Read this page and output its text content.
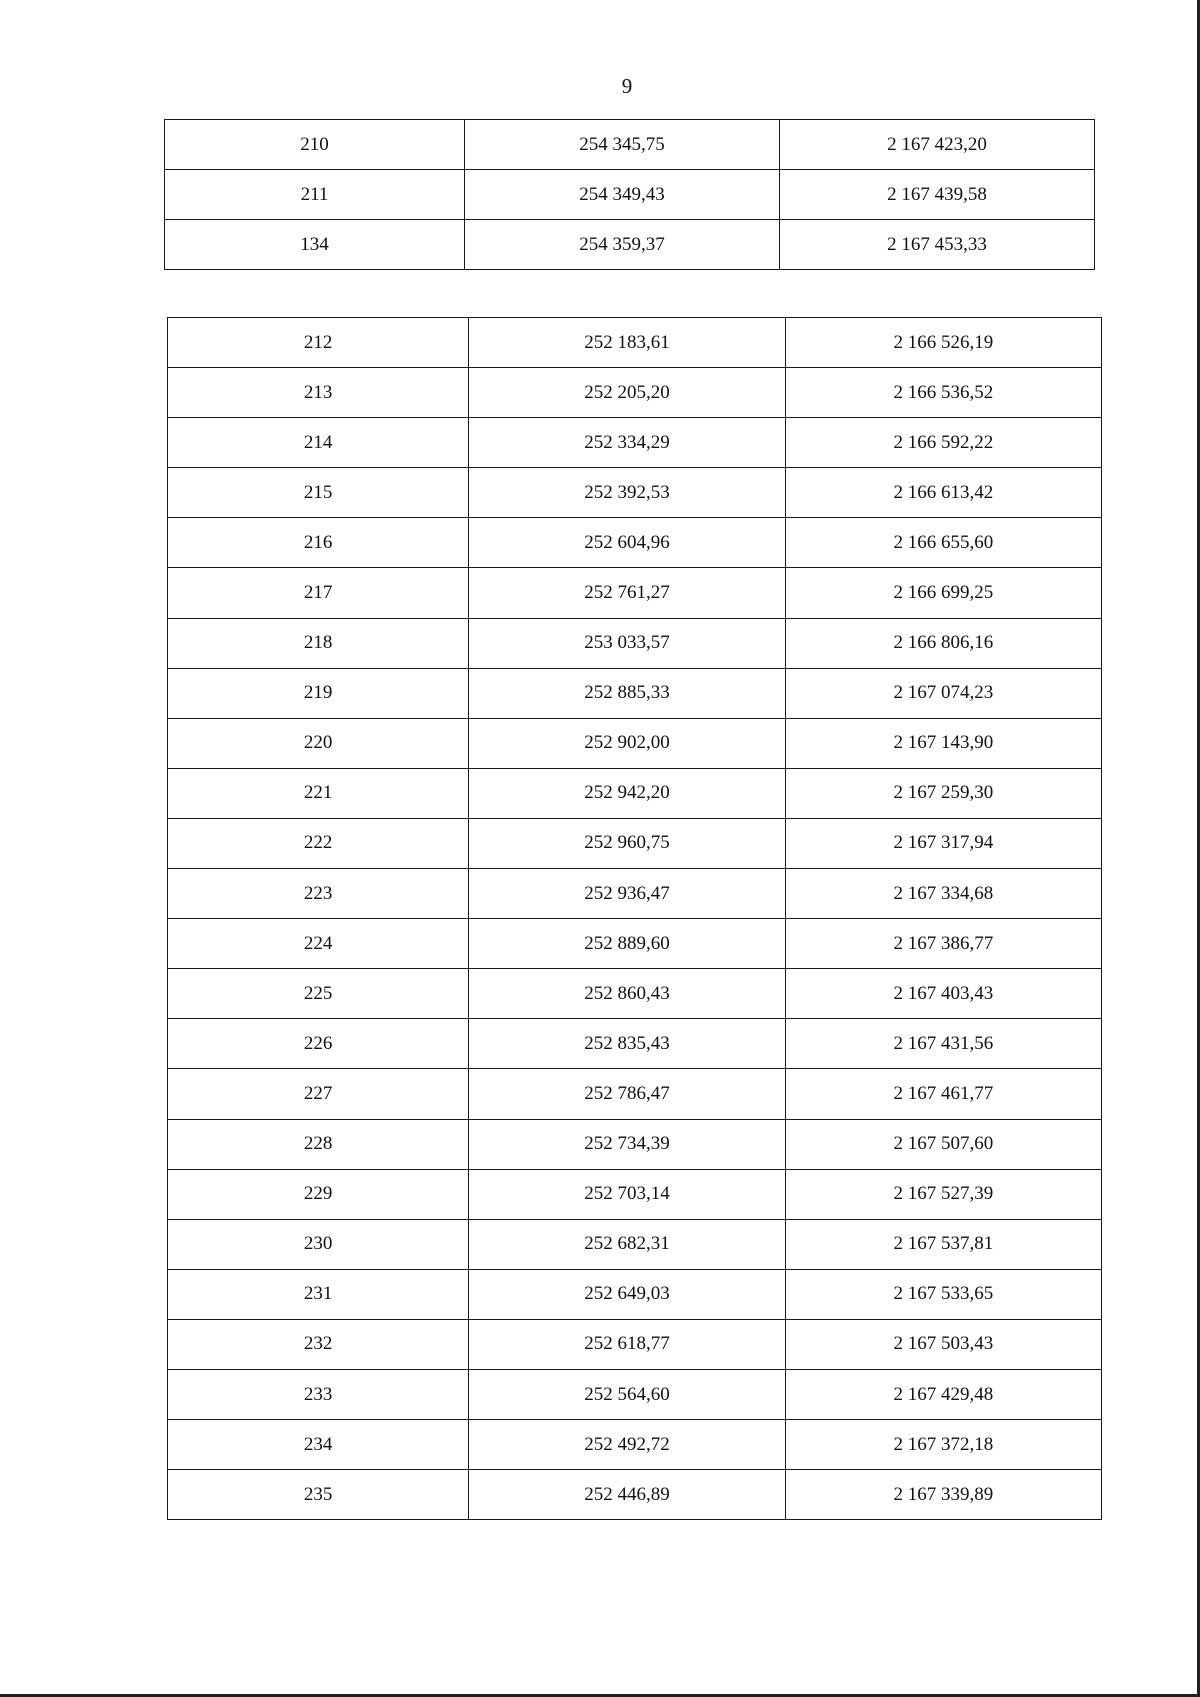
9
210	254 345,75	2 167 423,20
211	254 349,43	2 167 439,58
134	254 359,37	2 167 453,33
212	252 183,61	2 166 526,19
213	252 205,20	2 166 536,52
214	252 334,29	2 166 592,22
215	252 392,53	2 166 613,42
216	252 604,96	2 166 655,60
217	252 761,27	2 166 699,25
218	253 033,57	2 166 806,16
219	252 885,33	2 167 074,23
220	252 902,00	2 167 143,90
221	252 942,20	2 167 259,30
222	252 960,75	2 167 317,94
223	252 936,47	2 167 334,68
224	252 889,60	2 167 386,77
225	252 860,43	2 167 403,43
226	252 835,43	2 167 431,56
227	252 786,47	2 167 461,77
228	252 734,39	2 167 507,60
229	252 703,14	2 167 527,39
230	252 682,31	2 167 537,81
231	252 649,03	2 167 533,65
232	252 618,77	2 167 503,43
233	252 564,60	2 167 429,48
234	252 492,72	2 167 372,18
235	252 446,89	2 167 339,89
